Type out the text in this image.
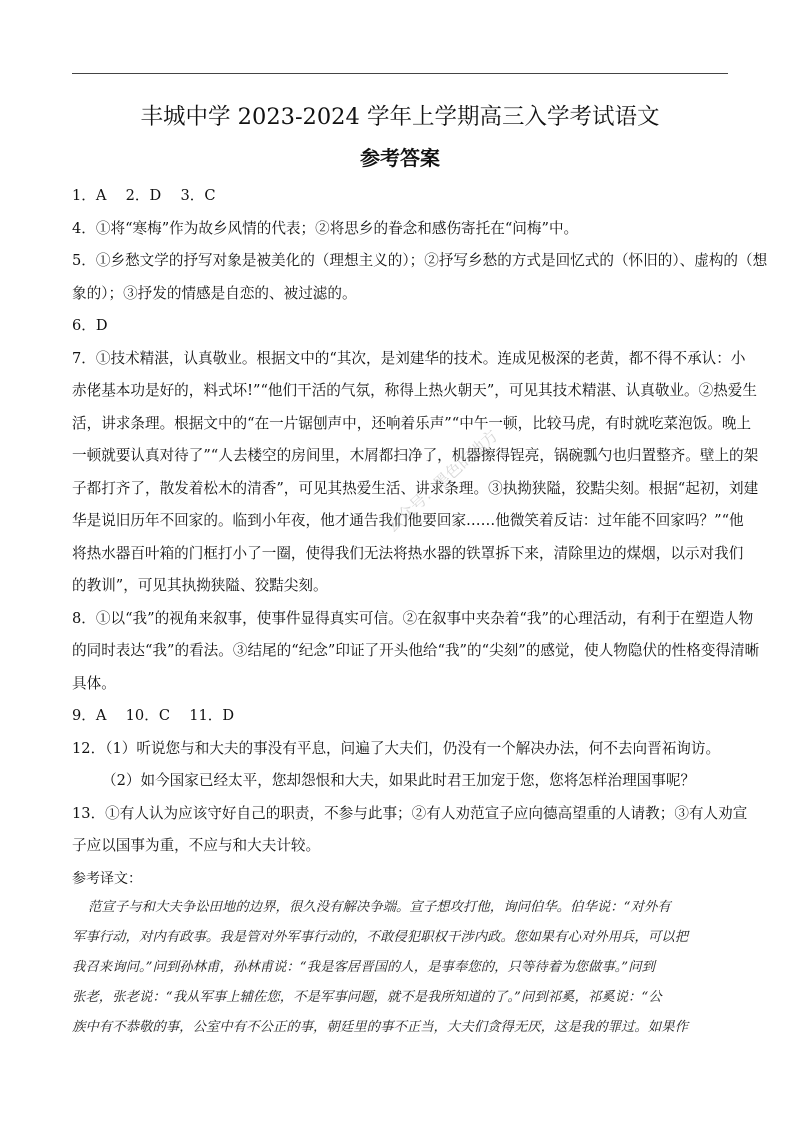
丰城中学 2023-2024 学年上学期高三入学考试语文
参考答案

1．A　 2．D　 3．C

4．①将“寒梅”作为故乡风情的代表；②将思乡的眷念和感伤寄托在“问梅”中。

5．①乡愁文学的抒写对象是被美化的（理想主义的）；②抒写乡愁的方式是回忆式的（怀旧的）、虚构的（想

象的）；③抒发的情感是自恋的、被过滤的。

6．D

7．①技术精湛，认真敬业。根据文中的“其次，是刘建华的技术。连成见极深的老黄，都不得不承认：小

赤佬基本功是好的，料式坏!”“他们干活的气氛，称得上热火朝天”，可见其技术精湛、认真敬业。②热爱生

活，讲求条理。根据文中的“在一片锯刨声中，还响着乐声”“中午一顿，比较马虎，有时就吃菜泡饭。晚上

一顿就要认真对待了”“人去楼空的房间里，木屑都扫净了，机器擦得锃亮，锅碗瓢勺也归置整齐。壁上的架

子都打齐了，散发着松木的清香”，可见其热爱生活、讲求条理。③执拗狭隘，狡黠尖刻。根据“起初，刘建

华是说旧历年不回家的。临到小年夜，他才通告我们他要回家……他微笑着反诘：过年能不回家吗？”“他

将热水器百叶箱的门框打小了一圈，使得我们无法将热水器的铁罩拆下来，清除里边的煤烟，以示对我们

的教训”，可见其执拗狭隘、狡黠尖刻。

8．①以“我”的视角来叙事，使事件显得真实可信。②在叙事中夹杂着“我”的心理活动，有利于在塑造人物

的同时表达“我”的看法。③结尾的“纪念”印证了开头他给“我”的“尖刻”的感觉，使人物隐伏的性格变得清晰

具体。

9．A　 10．C　 11．D

12．（1）听说您与和大夫的事没有平息，问遍了大夫们，仍没有一个解决办法，何不去向晋祏询访。

（2）如今国家已经太平，您却怨恨和大夫，如果此时君王加宠于您，您将怎样治理国事呢？

13．①有人认为应该守好自己的职责，不参与此事；②有人劝范宣子应向德高望重的人请教；③有人劝宣

子应以国事为重，不应与和大夫计较。

参考译文：

范宣子与和大夫争讼田地的边界，很久没有解决争端。宣子想攻打他，询问伯华。伯华说：“对外有

军事行动，对内有政事。我是管对外军事行动的，不敢侵犯职权干涉内政。您如果有心对外用兵，可以把

我召来询问。”问到孙林甫，孙林甫说：“我是客居晋国的人，是事奉您的，只等待着为您做事。”问到

张老，张老说：“我从军事上辅佐您，不是军事问题，就不是我所知道的了。”问到祁奚，祁奚说：“公

族中有不恭敬的事，公室中有不公正的事，朝廷里的事不正当，大夫们贪得无厌，这是我的罪过。如果作

公众号：黑色的地方
